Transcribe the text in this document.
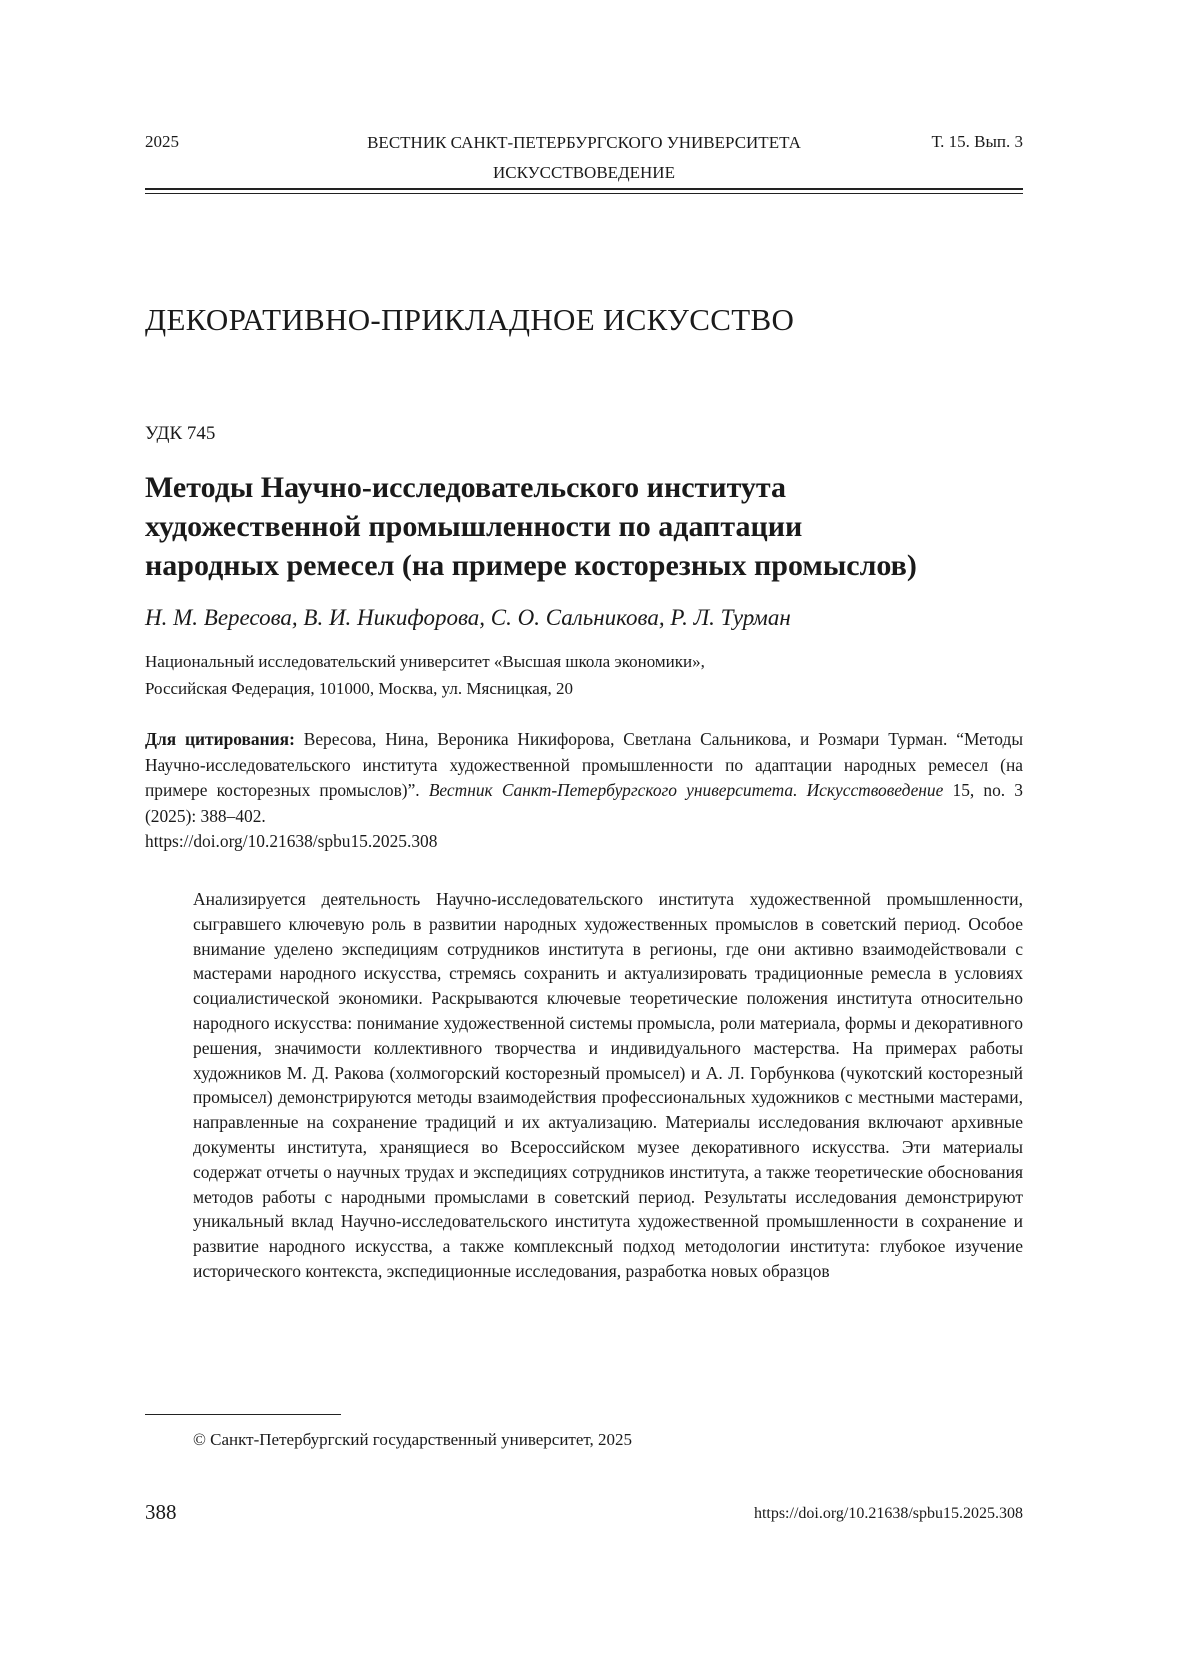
2025	ВЕСТНИК САНКТ-ПЕТЕРБУРГСКОГО УНИВЕРСИТЕТА
ИСКУССТВОВЕДЕНИЕ
Т. 15. Вып. 3
ДЕКОРАТИВНО-ПРИКЛАДНОЕ ИСКУССТВО
УДК 745
Методы Научно-исследовательского института
художественной промышленности по адаптации
народных ремесел (на примере косторезных промыслов)
Н. М. Вересова, В. И. Никифорова, С. О. Сальникова, Р. Л. Турман
Национальный исследовательский университет «Высшая школа экономики»,
Российская Федерация, 101000, Москва, ул. Мясницкая, 20
Для цитирования: Вересова, Нина, Вероника Никифорова, Светлана Сальникова, и Розмари Турман. “Методы Научно-исследовательского института художественной промышленности по адаптации народных ремесел (на примере косторезных промыслов)”. Вестник Санкт-Петербургского университета. Искусствоведение 15, no. 3 (2025): 388–402.
https://doi.org/10.21638/spbu15.2025.308
Анализируется деятельность Научно-исследовательского института художественной промышленности, сыгравшего ключевую роль в развитии народных художественных промыслов в советский период. Особое внимание уделено экспедициям сотрудников института в регионы, где они активно взаимодействовали с мастерами народного искусства, стремясь сохранить и актуализировать традиционные ремесла в условиях социалистической экономики. Раскрываются ключевые теоретические положения института относительно народного искусства: понимание художественной системы промысла, роли материала, формы и декоративного решения, значимости коллективного творчества и индивидуального мастерства. На примерах работы художников М. Д. Ракова (холмогорский косторезный промысел) и А. Л. Горбункова (чукотский косторезный промысел) демонстрируются методы взаимодействия профессиональных художников с местными мастерами, направленные на сохранение традиций и их актуализацию. Материалы исследования включают архивные документы института, хранящиеся во Всероссийском музее декоративного искусства. Эти материалы содержат отчеты о научных трудах и экспедициях сотрудников института, а также теоретические обоснования методов работы с народными промыслами в советский период. Результаты исследования демонстрируют уникальный вклад Научно-исследовательского института художественной промышленности в сохранение и развитие народного искусства, а также комплексный подход методологии института: глубокое изучение исторического контекста, экспедиционные исследования, разработка новых образцов
© Санкт-Петербургский государственный университет, 2025
388	https://doi.org/10.21638/spbu15.2025.308
